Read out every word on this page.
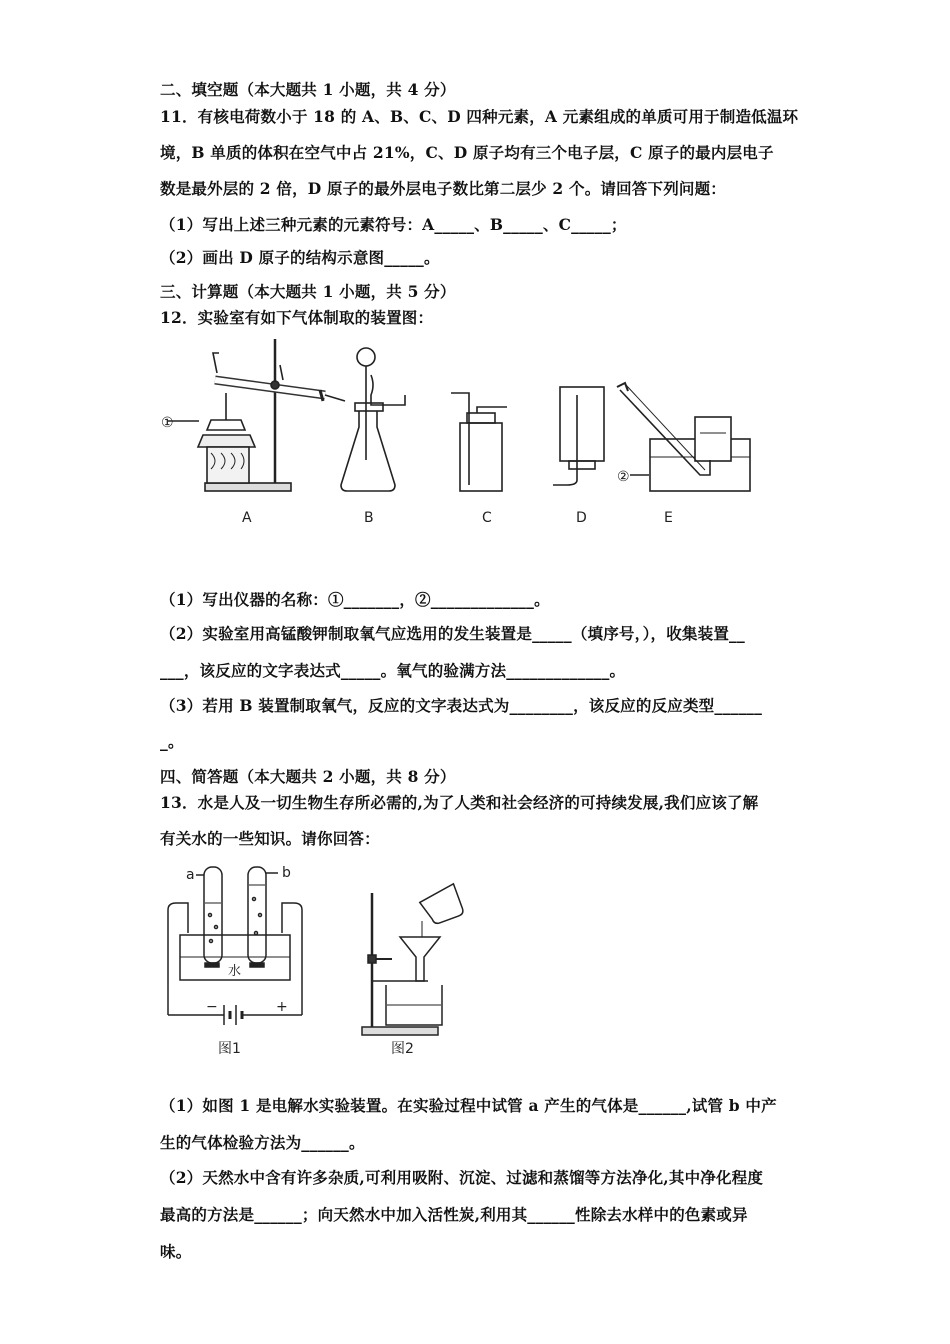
二、填空题（本大题共 1 小题，共 4 分）
11．有核电荷数小于 18 的 A、B、C、D 四种元素，A 元素组成的单质可用于制造低温环
境，B 单质的体积在空气中占 21%，C、D 原子均有三个电子层，C 原子的最内层电子
数是最外层的 2 倍，D 原子的最外层电子数比第二层少 2 个。请回答下列问题：
（1）写出上述三种元素的元素符号：A_____、B_____、C_____；
（2）画出 D 原子的结构示意图_____。
三、计算题（本大题共 1 小题，共 5 分）
12．实验室有如下气体制取的装置图：
①
②
A	B	C	D	E
（1）写出仪器的名称：①_______，②_____________。
（2）实验室用高锰酸钾制取氧气应选用的发生装置是_____（填序号，），收集装置__
___，该反应的文字表达式_____。氧气的验满方法_____________。
（3）若用 B 装置制取氧气，反应的文字表达式为________，该反应的反应类型______
_。
四、简答题（本大题共 2 小题，共 8 分）
13．水是人及一切生物生存所必需的,为了人类和社会经济的可持续发展,我们应该了解
有关水的一些知识。请你回答：
a	b
水
−	+
图1	图2
（1）如图 1 是电解水实验装置。在实验过程中试管 a 产生的气体是______,试管 b 中产
生的气体检验方法为______。
（2）天然水中含有许多杂质,可利用吸附、沉淀、过滤和蒸馏等方法净化,其中净化程度
最高的方法是______；向天然水中加入活性炭,利用其______性除去水样中的色素或异
味。
